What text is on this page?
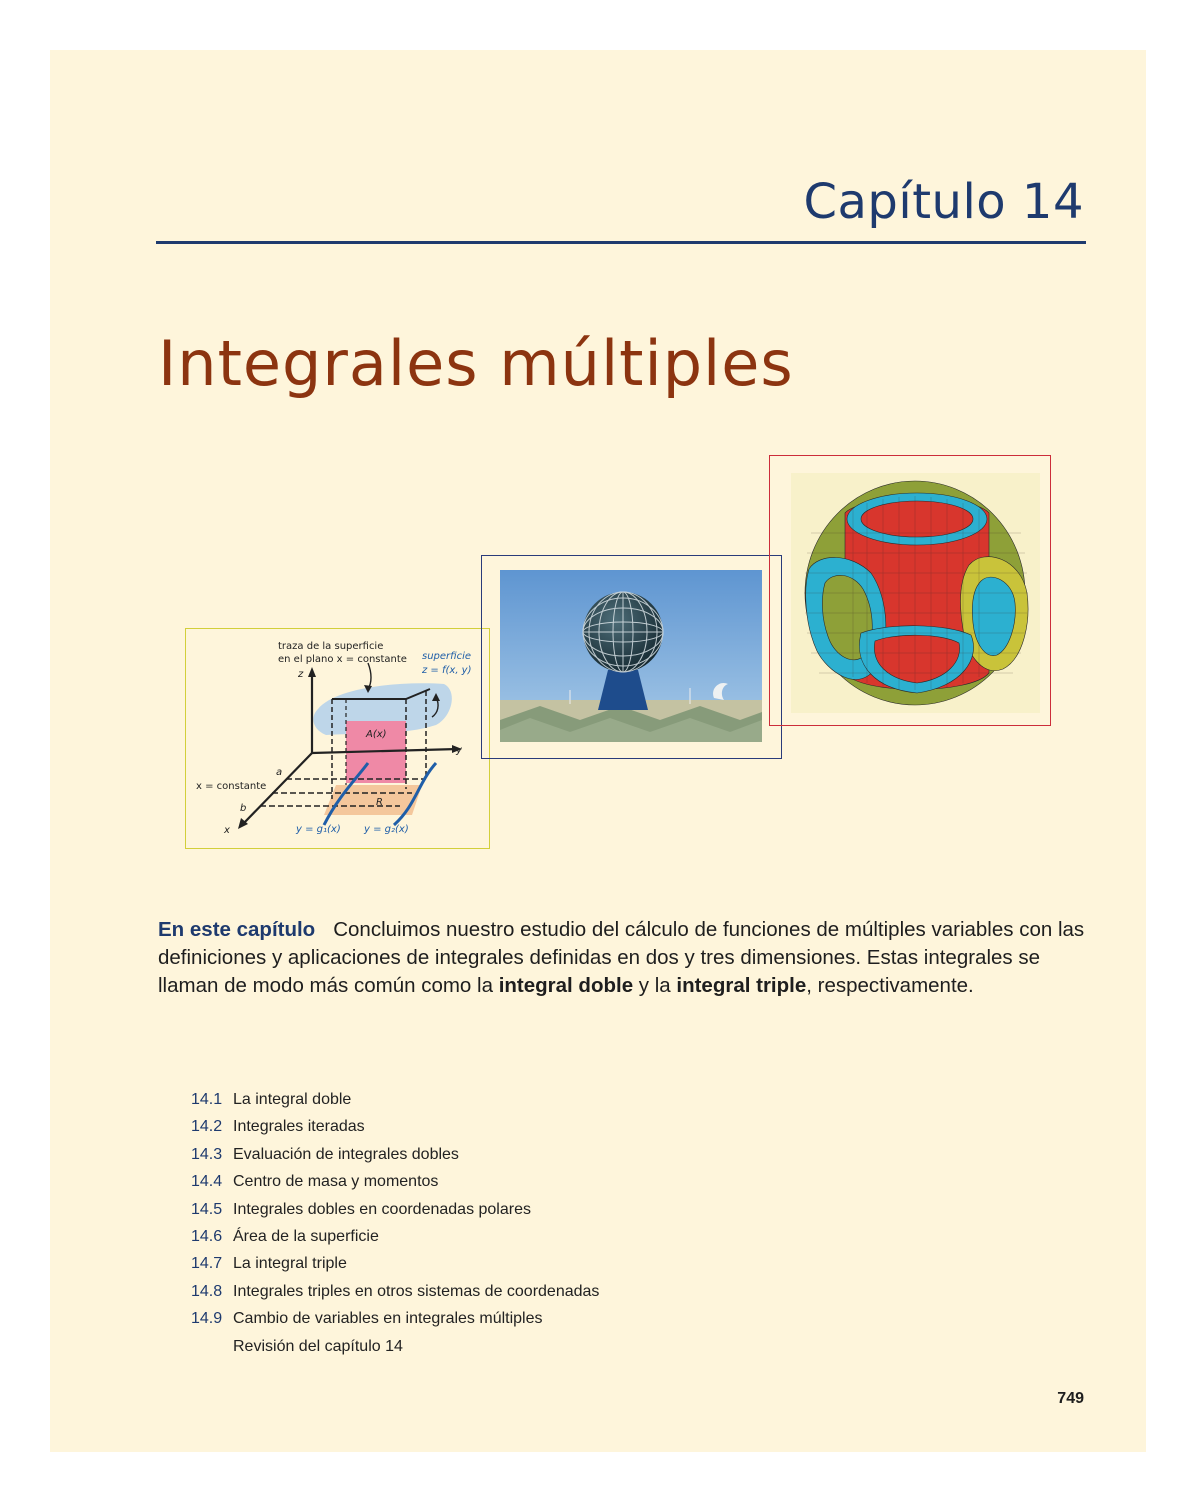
Capítulo 14
Integrales múltiples
traza de la superficie
en el plano x = constante superficie
z = f(x, y)
z
y
x
A(x)
R
a
b
x = constante
y = g₁(x) y = g₂(x)

En este capítulo Concluimos nuestro estudio del cálculo de funciones de múltiples variables con las definiciones y aplicaciones de integrales definidas en dos y tres dimensiones. Estas integrales se llaman de modo más común como la integral doble y la integral triple, respectivamente.

14.1 La integral doble
14.2 Integrales iteradas
14.3 Evaluación de integrales dobles
14.4 Centro de masa y momentos
14.5 Integrales dobles en coordenadas polares
14.6 Área de la superficie
14.7 La integral triple
14.8 Integrales triples en otros sistemas de coordenadas
14.9 Cambio de variables en integrales múltiples
Revisión del capítulo 14
749
